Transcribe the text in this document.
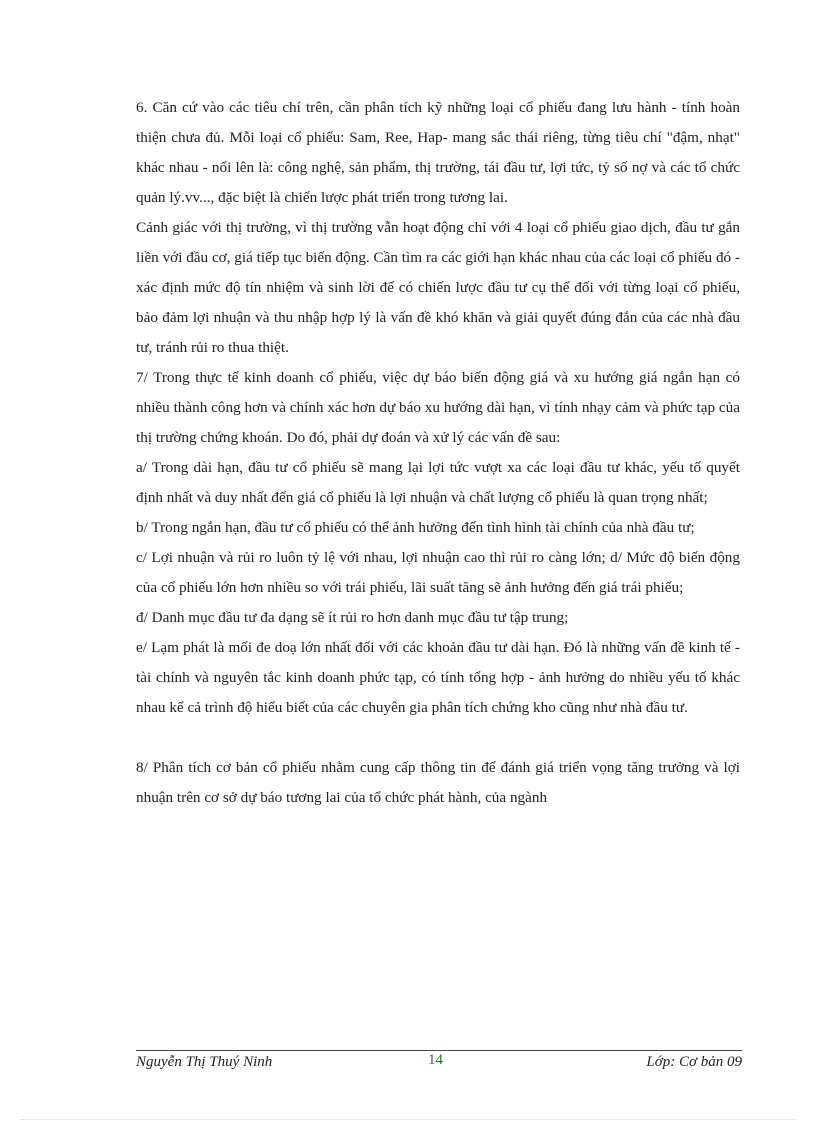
6. Căn cứ vào các tiêu chí trên, cần phân tích kỹ những loại cổ phiếu đang lưu hành - tính hoàn thiện chưa đủ. Mỗi loại cổ phiếu: Sam, Ree, Hap- mang sắc thái riêng, từng tiêu chí "đậm, nhạt" khác nhau - nổi lên là: công nghệ, sản phẩm, thị trường, tái đầu tư, lợi tức, tỷ số nợ và các tổ chức quản lý.vv..., đặc biệt là chiến lược phát triển trong tương lai.

Cảnh giác với thị trường, vì thị trường vẫn hoạt động chỉ với 4 loại cổ phiếu giao dịch, đầu tư gắn liền với đầu cơ, giá tiếp tục biến động. Cần tìm ra các giới hạn khác nhau của các loại cổ phiếu đó - xác định mức độ tín nhiệm và sinh lời để có chiến lược đầu tư cụ thể đối với từng loại cổ phiếu, bảo đảm lợi nhuận và thu nhập hợp lý là vấn đề khó khăn và giải quyết đúng đắn của các nhà đầu tư, tránh rủi ro thua thiệt.

7/ Trong thực tế kinh doanh cổ phiếu, việc dự báo biến động giá và xu hướng giá ngắn hạn có nhiều thành công hơn và chính xác hơn dự báo xu hướng dài hạn, vì tính nhạy cảm và phức tạp của thị trường chứng khoán. Do đó, phải dự đoán và xử lý các vấn đề sau:

a/ Trong dài hạn, đầu tư cổ phiếu sẽ mang lại lợi tức vượt xa các loại đầu tư khác, yếu tố quyết định nhất và duy nhất đến giá cổ phiếu là lợi nhuận và chất lượng cổ phiếu là quan trọng nhất;

b/ Trong ngắn hạn, đầu tư cổ phiếu có thể ảnh hưởng đến tình hình tài chính của nhà đầu tư;

c/ Lợi nhuận và rủi ro luôn tỷ lệ với nhau, lợi nhuận cao thì rủi ro càng lớn; d/ Mức độ biến động của cổ phiếu lớn hơn nhiều so với trái phiếu, lãi suất tăng sẽ ảnh hưởng đến giá trái phiếu;

đ/ Danh mục đầu tư đa dạng sẽ ít rủi ro hơn danh mục đầu tư tập trung;

e/ Lạm phát là mối đe doạ lớn nhất đối với các khoản đầu tư dài hạn. Đó là những vấn đề kinh tế - tài chính và nguyên tắc kinh doanh phức tạp, có tính tổng hợp - ảnh hưởng do nhiều yếu tố khác nhau kể cả trình độ hiểu biết của các chuyên gia phân tích chứng kho cũng như nhà đầu tư.

8/ Phân tích cơ bản cổ phiếu nhằm cung cấp thông tin để đánh giá triển vọng tăng trưởng và lợi nhuận trên cơ sở dự báo tương lai của tổ chức phát hành, của ngành

Nguyễn Thị Thuý Ninh	14	Lớp: Cơ bản 09
